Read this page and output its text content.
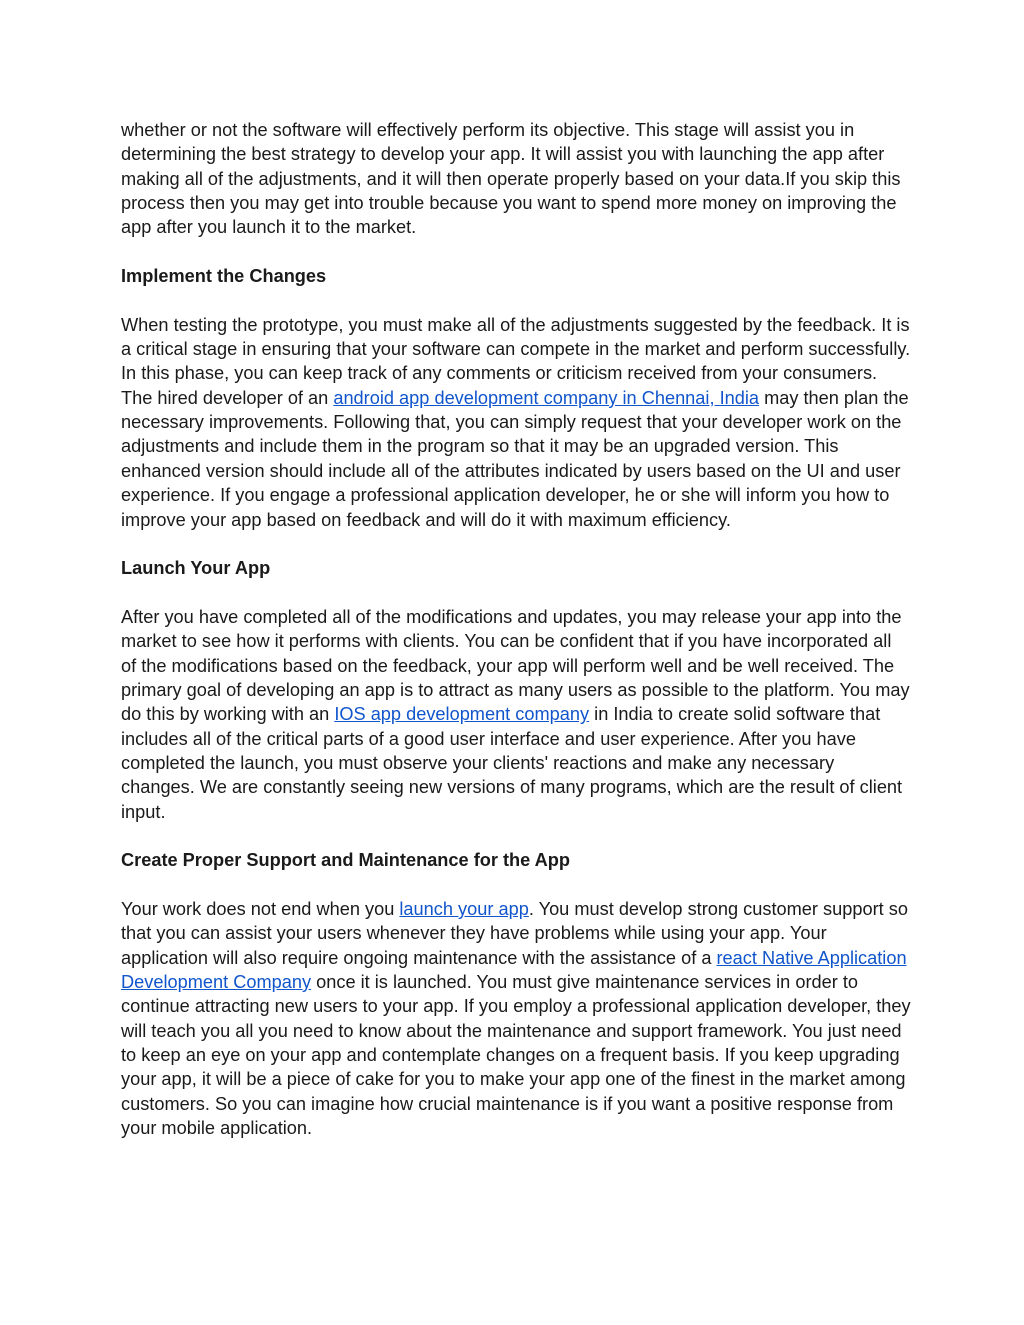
whether or not the software will effectively perform its objective. This stage will assist you in determining the best strategy to develop your app. It will assist you with launching the app after making all of the adjustments, and it will then operate properly based on your data.If you skip this process then you may get into trouble because you want to spend more money on improving the app after you launch it to the market.

Implement the Changes

When testing the prototype, you must make all of the adjustments suggested by the feedback. It is a critical stage in ensuring that your software can compete in the market and perform successfully. In this phase, you can keep track of any comments or criticism received from your consumers. The hired developer of an android app development company in Chennai, India may then plan the necessary improvements. Following that, you can simply request that your developer work on the adjustments and include them in the program so that it may be an upgraded version. This enhanced version should include all of the attributes indicated by users based on the UI and user experience. If you engage a professional application developer, he or she will inform you how to improve your app based on feedback and will do it with maximum efficiency.

Launch Your App

After you have completed all of the modifications and updates, you may release your app into the market to see how it performs with clients. You can be confident that if you have incorporated all of the modifications based on the feedback, your app will perform well and be well received. The primary goal of developing an app is to attract as many users as possible to the platform. You may do this by working with an IOS app development company in India to create solid software that includes all of the critical parts of a good user interface and user experience. After you have completed the launch, you must observe your clients' reactions and make any necessary changes. We are constantly seeing new versions of many programs, which are the result of client input.

Create Proper Support and Maintenance for the App

Your work does not end when you launch your app. You must develop strong customer support so that you can assist your users whenever they have problems while using your app. Your application will also require ongoing maintenance with the assistance of a react Native Application Development Company once it is launched. You must give maintenance services in order to continue attracting new users to your app. If you employ a professional application developer, they will teach you all you need to know about the maintenance and support framework. You just need to keep an eye on your app and contemplate changes on a frequent basis. If you keep upgrading your app, it will be a piece of cake for you to make your app one of the finest in the market among customers. So you can imagine how crucial maintenance is if you want a positive response from your mobile application.
